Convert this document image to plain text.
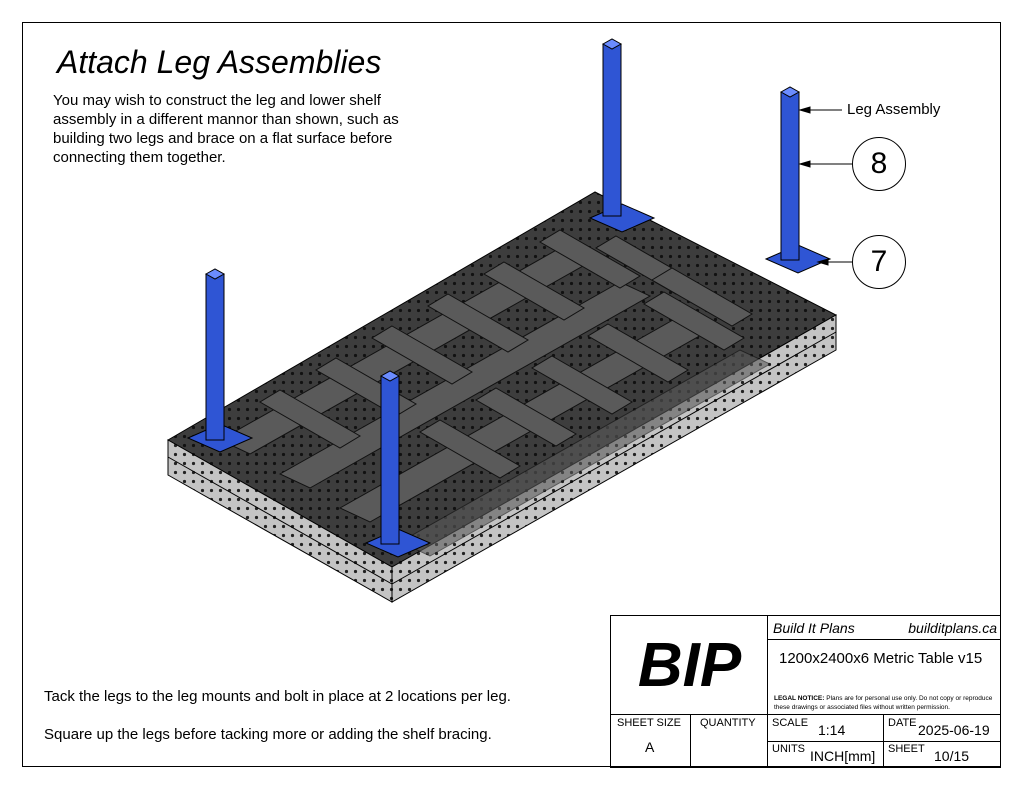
Attach Leg Assemblies
You may wish to construct the leg and lower shelf assembly in a different mannor than shown, such as building two legs and brace on a flat surface before connecting them together.
Leg Assembly
8
7
Tack the legs to the leg mounts and bolt in place at 2 locations per leg.
Square up the legs before tacking more or adding the shelf bracing.
BIP
Build It Plans	builditplans.ca
1200x2400x6 Metric Table v15
LEGAL NOTICE: Plans are for personal use only. Do not copy or reproduce these drawings or associated files without written permission.
SHEET SIZE
A
QUANTITY SCALE 1:14	DATE 2025-06-19
UNITS INCH[mm] SHEET 10/15
